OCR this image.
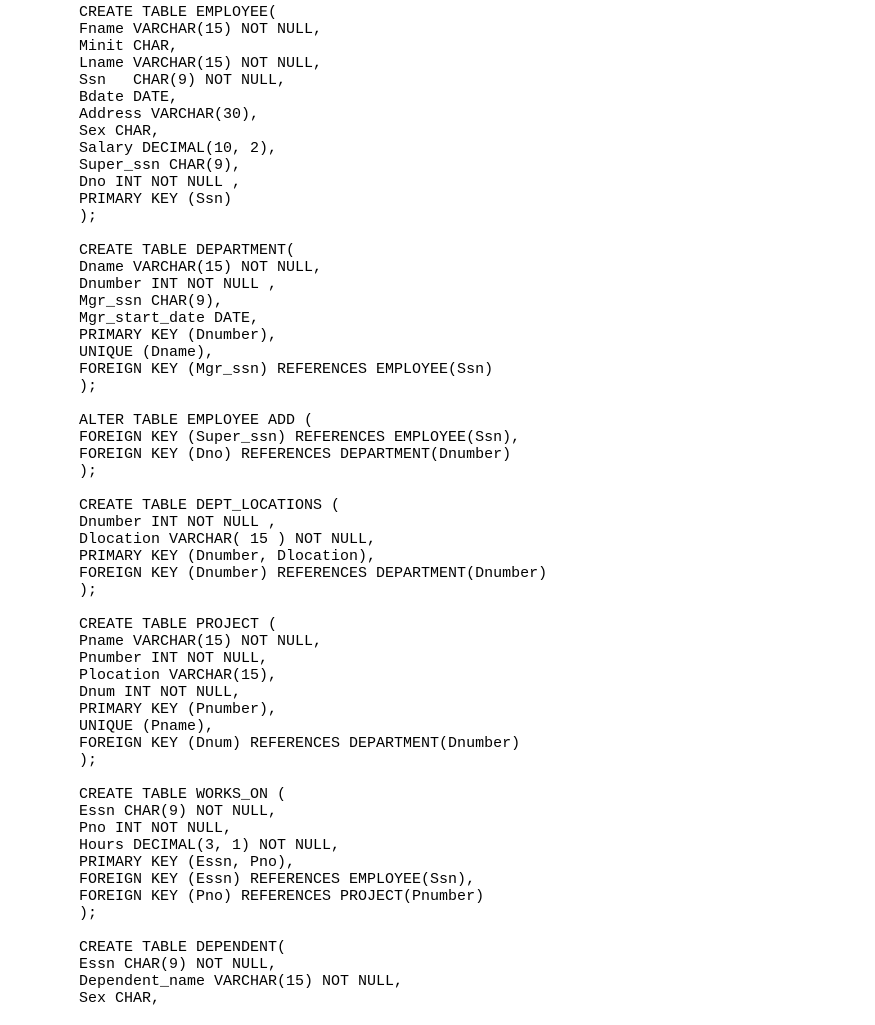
CREATE TABLE EMPLOYEE(
Fname VARCHAR(15) NOT NULL,
Minit CHAR,
Lname VARCHAR(15) NOT NULL,
Ssn   CHAR(9) NOT NULL,
Bdate DATE,
Address VARCHAR(30),
Sex CHAR,
Salary DECIMAL(10, 2),
Super_ssn CHAR(9),
Dno INT NOT NULL ,
PRIMARY KEY (Ssn)
);
CREATE TABLE DEPARTMENT(
Dname VARCHAR(15) NOT NULL,
Dnumber INT NOT NULL ,
Mgr_ssn CHAR(9),
Mgr_start_date DATE,
PRIMARY KEY (Dnumber),
UNIQUE (Dname),
FOREIGN KEY (Mgr_ssn) REFERENCES EMPLOYEE(Ssn)
);
ALTER TABLE EMPLOYEE ADD (
FOREIGN KEY (Super_ssn) REFERENCES EMPLOYEE(Ssn),
FOREIGN KEY (Dno) REFERENCES DEPARTMENT(Dnumber)
);
CREATE TABLE DEPT_LOCATIONS (
Dnumber INT NOT NULL ,
Dlocation VARCHAR( 15 ) NOT NULL,
PRIMARY KEY (Dnumber, Dlocation),
FOREIGN KEY (Dnumber) REFERENCES DEPARTMENT(Dnumber)
);
CREATE TABLE PROJECT (
Pname VARCHAR(15) NOT NULL,
Pnumber INT NOT NULL,
Plocation VARCHAR(15),
Dnum INT NOT NULL,
PRIMARY KEY (Pnumber),
UNIQUE (Pname),
FOREIGN KEY (Dnum) REFERENCES DEPARTMENT(Dnumber)
);
CREATE TABLE WORKS_ON (
Essn CHAR(9) NOT NULL,
Pno INT NOT NULL,
Hours DECIMAL(3, 1) NOT NULL,
PRIMARY KEY (Essn, Pno),
FOREIGN KEY (Essn) REFERENCES EMPLOYEE(Ssn),
FOREIGN KEY (Pno) REFERENCES PROJECT(Pnumber)
);
CREATE TABLE DEPENDENT(
Essn CHAR(9) NOT NULL,
Dependent_name VARCHAR(15) NOT NULL,
Sex CHAR,
